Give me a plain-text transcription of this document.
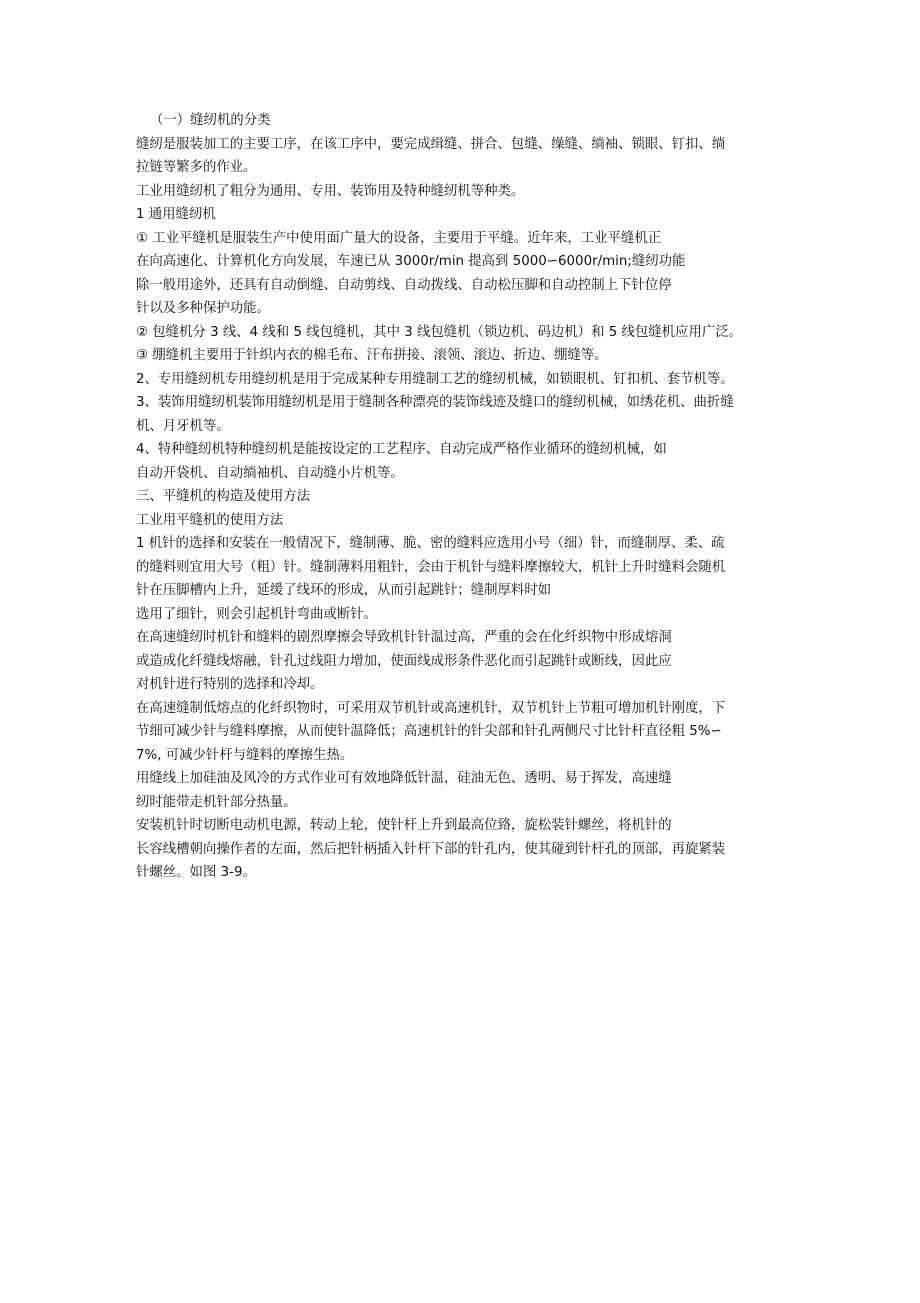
（一）缝纫机的分类

缝纫是服装加工的主要工序，在该工序中，要完成缉缝、拼合、包缝、缲缝、绱袖、锁眼、钉扣、绱

拉链等繁多的作业。

工业用缝纫机了粗分为通用、专用、装饰用及特种缝纫机等种类。

1 通用缝纫机

① 工业平缝机是服装生产中使用面广量大的设备，主要用于平缝。近年来，工业平缝机正

在向高速化、计算机化方向发展，车速已从 3000r/min 提高到 5000∽6000r/min;缝纫功能

除一般用途外，还具有自动倒缝、自动剪线、自动拨线、自动松压脚和自动控制上下针位停

针以及多种保护功能。

② 包缝机分 3 线、4 线和 5 线包缝机，其中 3 线包缝机（锁边机、码边机）和 5 线包缝机应用广泛。

③ 绷缝机主要用于针织内衣的棉毛布、汗布拼接、滚领、滚边、折边、绷缝等。

2、专用缝纫机专用缝纫机是用于完成某种专用缝制工艺的缝纫机械，如锁眼机、钉扣机、套节机等。

3、装饰用缝纫机装饰用缝纫机是用于缝制各种漂亮的装饰线迹及缝口的缝纫机械，如绣花机、曲折缝

机、月牙机等。

4、特种缝纫机特种缝纫机是能按设定的工艺程序、自动完成严格作业循环的缝纫机械，如

自动开袋机、自动绱袖机、自动缝小片机等。

三、平缝机的构造及使用方法

工业用平缝机的使用方法

1 机针的选择和安装在一般情况下，缝制薄、脆、密的缝料应选用小号（细）针，而缝制厚、柔、疏

的缝料则宜用大号（粗）针。缝制薄料用粗针，会由于机针与缝料摩擦较大，机针上升时缝料会随机

针在压脚槽内上升，延缓了线环的形成，从而引起跳针；缝制厚料时如

选用了细针，则会引起机针弯曲或断针。

在高速缝纫时机针和缝料的剧烈摩擦会导致机针针温过高，严重的会在化纤织物中形成熔洞

或造成化纤缝线熔融，针孔过线阻力增加，使面线成形条件恶化而引起跳针或断线，因此应

对机针进行特别的选择和冷却。

在高速缝制低熔点的化纤织物时，可采用双节机针或高速机针，双节机针上节粗可增加机针刚度，下

节细可减少针与缝料摩擦，从而使针温降低；高速机针的针尖部和针孔两侧尺寸比针杆直径粗 5%∽

7%, 可减少针杆与缝料的摩擦生热。

用缝线上加硅油及风冷的方式作业可有效地降低针温，硅油无色、透明、易于挥发，高速缝

纫时能带走机针部分热量。

安装机针时切断电动机电源，转动上轮，使针杆上升到最高位臵，旋松装针螺丝，将机针的

长容线槽朝向操作者的左面，然后把针柄插入针杆下部的针孔内，使其碰到针杆孔的顶部，再旋紧装

针螺丝。如图 3-9。
